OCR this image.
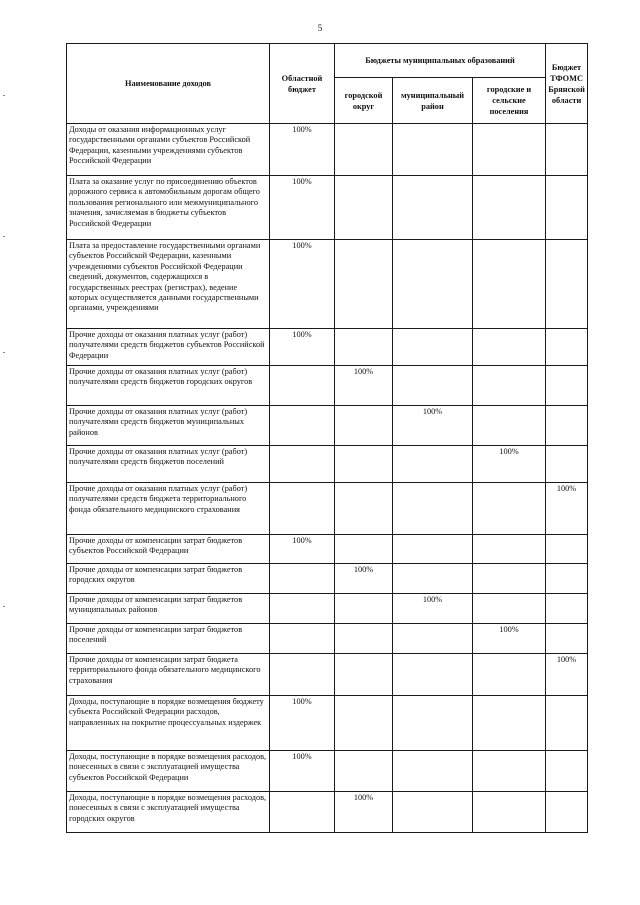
5
Наименование доходов	Областной бюджет	Бюджеты муниципальных образований			Бюджет ТФОМС Брянской области
		городской округ	муниципальный район	городские и сельские поселения	
Доходы от оказания информационных услуг государственными органами субъектов Российской Федерации, казенными учреждениями субъектов Российской Федерации	100%				
Плата за оказание услуг по присоединению объектов дорожного сервиса к автомобильным дорогам общего пользования регионального или межмуниципального значения, зачисляемая в бюджеты субъектов Российской Федерации	100%				
Плата за предоставление государственными органами субъектов Российской Федерации, казенными учреждениями субъектов Российской Федерации сведений, документов, содержащихся в государственных реестрах (регистрах), ведение которых осуществляется данными государственными органами, учреждениями	100%				
Прочие доходы от оказания платных услуг (работ) получателями средств бюджетов субъектов Российской Федерации	100%				
Прочие доходы от оказания платных услуг (работ) получателями средств бюджетов городских округов		100%			
Прочие доходы от оказания платных услуг (работ) получателями средств бюджетов муниципальных районов			100%		
Прочие доходы от оказания платных услуг (работ) получателями средств бюджетов поселений				100%	
Прочие доходы от оказания платных услуг (работ) получателями средств бюджета территориального фонда обязательного медицинского страхования					100%
Прочие доходы от компенсации затрат бюджетов субъектов Российской Федерации	100%				
Прочие доходы от компенсации затрат бюджетов городских округов		100%			
Прочие доходы от компенсации затрат бюджетов муниципальных районов			100%		
Прочие доходы от компенсации затрат бюджетов поселений				100%	
Прочие доходы от компенсации затрат бюджета территориального фонда обязательного медицинского страхования					100%
Доходы, поступающие в порядке возмещения бюджету субъекта Российской Федерации расходов, направленных на покрытие процессуальных издержек	100%				
Доходы, поступающие в порядке возмещения расходов, понесенных в связи с эксплуатацией имущества субъектов Российской Федерации	100%				
Доходы, поступающие в порядке возмещения расходов, понесенных в связи с эксплуатацией имущества городских округов		100%			
